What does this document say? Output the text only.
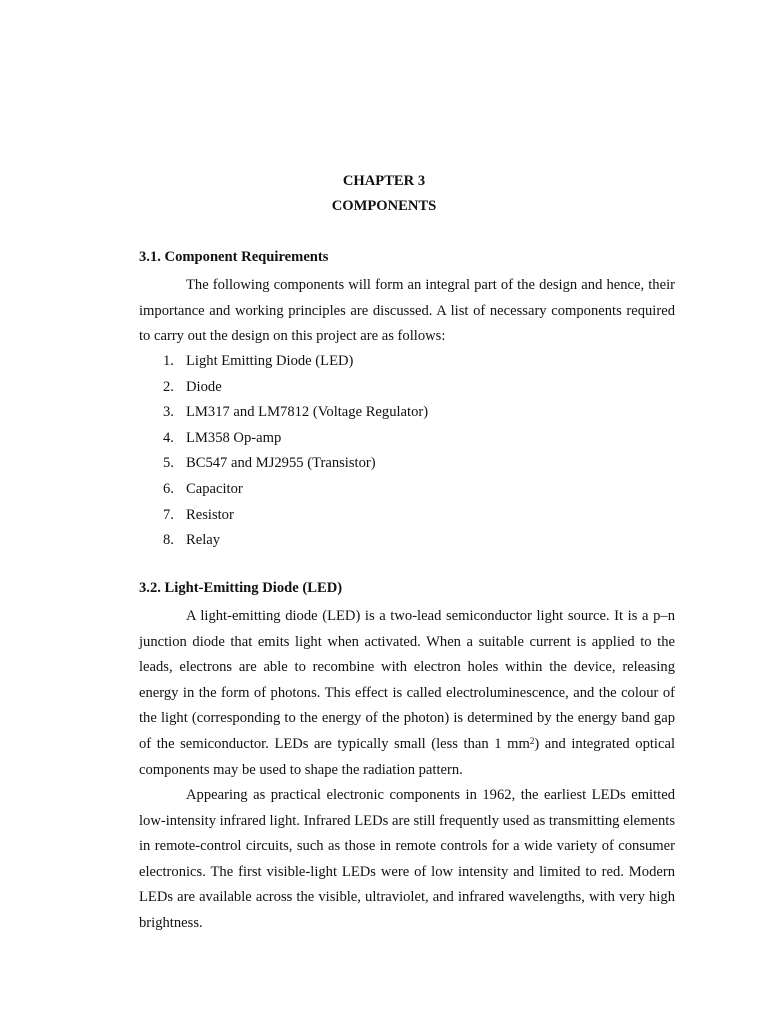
CHAPTER 3
COMPONENTS
3.1. Component Requirements

The following components will form an integral part of the design and hence, their importance and working principles are discussed. A list of necessary components required to carry out the design on this project are as follows:

1. Light Emitting Diode (LED)
2. Diode
3. LM317 and LM7812 (Voltage Regulator)
4. LM358 Op-amp
5. BC547 and MJ2955 (Transistor)
6. Capacitor
7. Resistor
8. Relay
3.2. Light-Emitting Diode (LED)

A light-emitting diode (LED) is a two-lead semiconductor light source. It is a p–n junction diode that emits light when activated. When a suitable current is applied to the leads, electrons are able to recombine with electron holes within the device, releasing energy in the form of photons. This effect is called electroluminescence, and the colour of the light (corresponding to the energy of the photon) is determined by the energy band gap of the semiconductor. LEDs are typically small (less than 1 $mm^2$) and integrated optical components may be used to shape the radiation pattern.

Appearing as practical electronic components in 1962, the earliest LEDs emitted low-intensity infrared light. Infrared LEDs are still frequently used as transmitting elements in remote-control circuits, such as those in remote controls for a wide variety of consumer electronics. The first visible-light LEDs were of low intensity and limited to red. Modern LEDs are available across the visible, ultraviolet, and infrared wavelengths, with very high brightness.
